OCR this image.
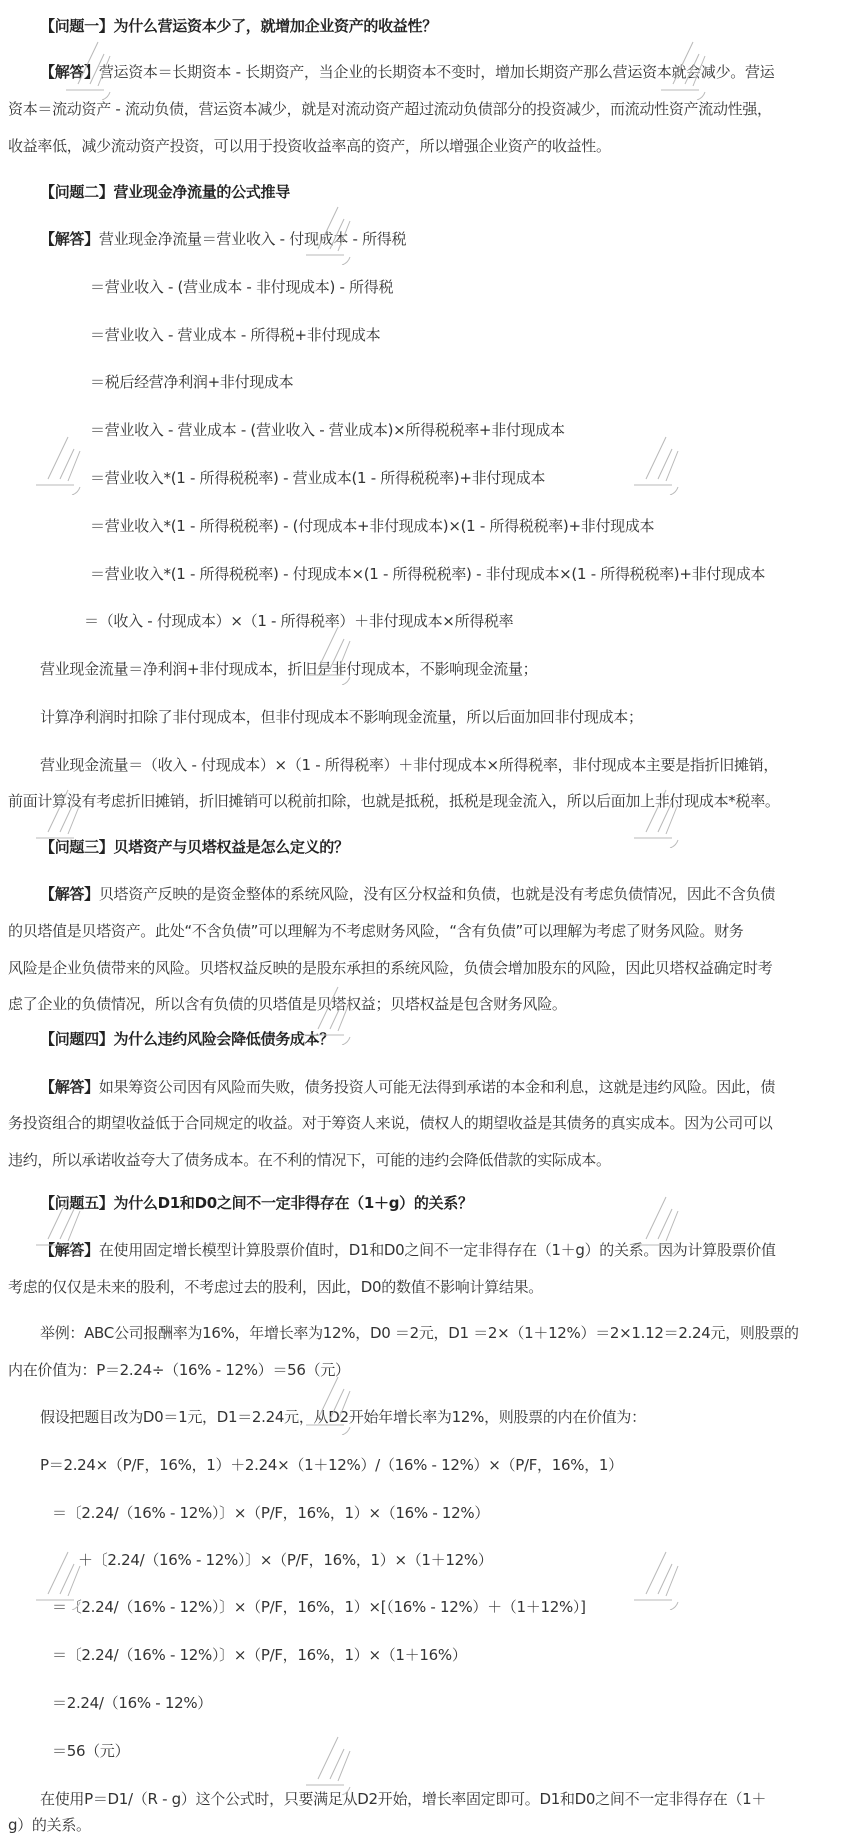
【问题一】为什么营运资本少了，就增加企业资产的收益性？
【解答】营运资本＝长期资本 - 长期资产，当企业的长期资本不变时，增加长期资产那么营运资本就会减少。营运
资本＝流动资产 - 流动负债，营运资本减少，就是对流动资产超过流动负债部分的投资减少，而流动性资产流动性强，
收益率低，减少流动资产投资，可以用于投资收益率高的资产，所以增强企业资产的收益性。
【问题二】营业现金净流量的公式推导
【解答】营业现金净流量＝营业收入 - 付现成本 - 所得税
＝营业收入 - (营业成本 - 非付现成本) - 所得税
＝营业收入 - 营业成本 - 所得税+非付现成本
＝税后经营净利润+非付现成本
＝营业收入 - 营业成本 - (营业收入 - 营业成本)×所得税税率+非付现成本
＝营业收入*(1 - 所得税税率) - 营业成本(1 - 所得税税率)+非付现成本
＝营业收入*(1 - 所得税税率) - (付现成本+非付现成本)×(1 - 所得税税率)+非付现成本
＝营业收入*(1 - 所得税税率) - 付现成本×(1 - 所得税税率) - 非付现成本×(1 - 所得税税率)+非付现成本
＝（收入 - 付现成本）×（1 - 所得税率）＋非付现成本×所得税率
营业现金流量＝净利润+非付现成本，折旧是非付现成本，不影响现金流量；
计算净利润时扣除了非付现成本，但非付现成本不影响现金流量，所以后面加回非付现成本；
营业现金流量＝（收入 - 付现成本）×（1 - 所得税率）＋非付现成本×所得税率，非付现成本主要是指折旧摊销，
前面计算没有考虑折旧摊销，折旧摊销可以税前扣除，也就是抵税，抵税是现金流入，所以后面加上非付现成本*税率。
【问题三】贝塔资产与贝塔权益是怎么定义的？
【解答】贝塔资产反映的是资金整体的系统风险，没有区分权益和负债，也就是没有考虑负债情况，因此不含负债
的贝塔值是贝塔资产。此处“不含负债”可以理解为不考虑财务风险，“含有负债”可以理解为考虑了财务风险。财务
风险是企业负债带来的风险。贝塔权益反映的是股东承担的系统风险，负债会增加股东的风险，因此贝塔权益确定时考
虑了企业的负债情况，所以含有负债的贝塔值是贝塔权益；贝塔权益是包含财务风险。
【问题四】为什么违约风险会降低债务成本？
【解答】如果筹资公司因有风险而失败，债务投资人可能无法得到承诺的本金和利息，这就是违约风险。因此，债
务投资组合的期望收益低于合同规定的收益。对于筹资人来说，债权人的期望收益是其债务的真实成本。因为公司可以
违约，所以承诺收益夸大了债务成本。在不利的情况下，可能的违约会降低借款的实际成本。
【问题五】为什么D1和D0之间不一定非得存在（1＋g）的关系？
【解答】在使用固定增长模型计算股票价值时，D1和D0之间不一定非得存在（1＋g）的关系。因为计算股票价值
考虑的仅仅是未来的股利，不考虑过去的股利，因此，D0的数值不影响计算结果。
举例：ABC公司报酬率为16%，年增长率为12%，D0 ＝2元，D1 ＝2×（1＋12%）＝2×1.12＝2.24元，则股票的
内在价值为：P＝2.24÷（16% - 12%）＝56（元）
假设把题目改为D0＝1元，D1＝2.24元，从D2开始年增长率为12%，则股票的内在价值为：
P＝2.24×（P/F，16%，1）＋2.24×（1＋12%）/（16% - 12%）×（P/F，16%，1）
＝〔2.24/（16% - 12%）〕×（P/F，16%，1）×（16% - 12%）
＋〔2.24/（16% - 12%）〕×（P/F，16%，1）×（1＋12%）
＝〔2.24/（16% - 12%）〕×（P/F，16%，1）×[（16% - 12%）＋（1＋12%）]
＝〔2.24/（16% - 12%）〕×（P/F，16%，1）×（1＋16%）
＝2.24/（16% - 12%）
＝56（元）
在使用P＝D1/（R - g）这个公式时，只要满足从D2开始，增长率固定即可。D1和D0之间不一定非得存在（1＋
g）的关系。
